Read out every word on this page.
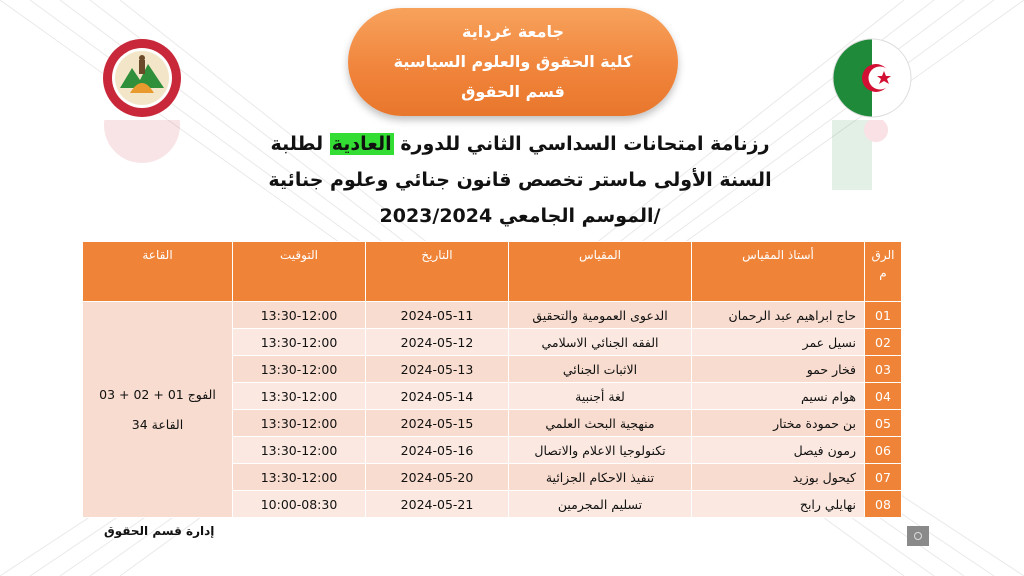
جامعة غرداية
كلية الحقوق والعلوم السياسية
قسم الحقوق
رزنامة امتحانات السداسي الثاني للدورة العادية لطلبة
السنة الأولى ماستر تخصص قانون جنائي وعلوم جنائية
/الموسم الجامعي 2023/2024
الرق م	أستاذ المقياس	المقياس	التاريخ	التوقيت	القاعة
01	حاج ابراهيم عبد الرحمان	الدعوى العمومية والتحقيق	2024-05-11	13:30-12:00	الفوج 01 + 02 + 03
القاعة 34

02	نسيل عمر	الفقه الجنائي الاسلامي	2024-05-12	13:30-12:00	
03	فخار حمو	الاثبات الجنائي	2024-05-13	13:30-12:00	
04	هوام نسيم	لغة أجنبية	2024-05-14	13:30-12:00	
05	بن حمودة مختار	منهجية البحث العلمي	2024-05-15	13:30-12:00	
06	رمون فيصل	تكنولوجيا الاعلام والاتصال	2024-05-16	13:30-12:00	
07	كيحول بوزيد	تنفيذ الاحكام الجزائية	2024-05-20	13:30-12:00	
08	نهايلي رابح	تسليم المجرمين	2024-05-21	10:00-08:30	
إدارة قسم الحقوق
